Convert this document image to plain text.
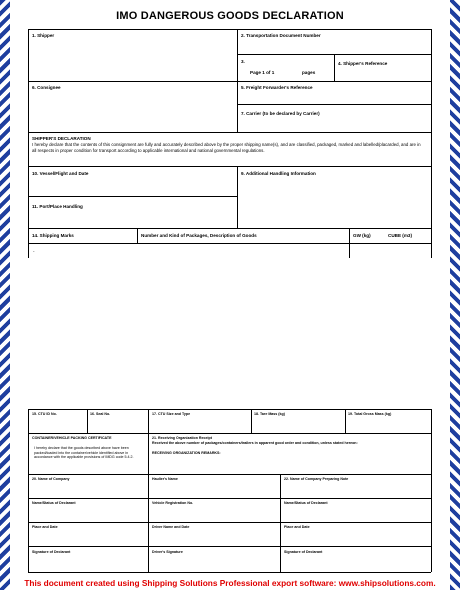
IMO DANGEROUS GOODS DECLARATION
1. Shipper	2. Transportation Document Number
3.
Page 1 of 1	pages
4. Shipper's Reference
6. Consignee	5. Freight Forwarder's Reference
7. Carrier (to be declared by Carrier)
SHIPPER'S DECLARATION
I hereby declare that the contents of this consignment are fully and accurately described above by the proper shipping name(s), and are classified, packaged, marked and labelled/placarded, and are in all respects in proper condition for transport according to applicable international and national governmental regulations.
10. Vessel/Flight and Date	9. Additional Handling Information
11. Port/Place Handling
14. Shipping Marks	Number and Kind of Packages, Description of Goods	GW (kg)	CUBE (m3)
-
15. CTU ID No.	16. Seal No.	17. CTU Size and Type	18. Tare Mass (kg)	19. Total Gross Mass (kg)
CONTAINER/VEHICLE PACKING CERTIFICATE
I hereby declare that the goods described above have been packed/loaded into the container/vehicle identified above in accordance with the applicable provisions of IMDG code 5.4.2.
21. Receiving Organization Receipt
Received the above number of packages/containers/trailers in apparent good order and condition, unless stated hereon:
RECEIVING ORGANIZATION REMARKS:
20. Name of Company	Haulier's Name	22. Name of Company Preparing Note
Name/Status of Declarant	Vehicle Registration No.	Name/Status of Declarant
Place and Date	Driver Name and Date	Place and Date
Signature of Declarant	Driver's Signature	Signature of Declarant
This document created using Shipping Solutions Professional export software: www.shipsolutions.com.
